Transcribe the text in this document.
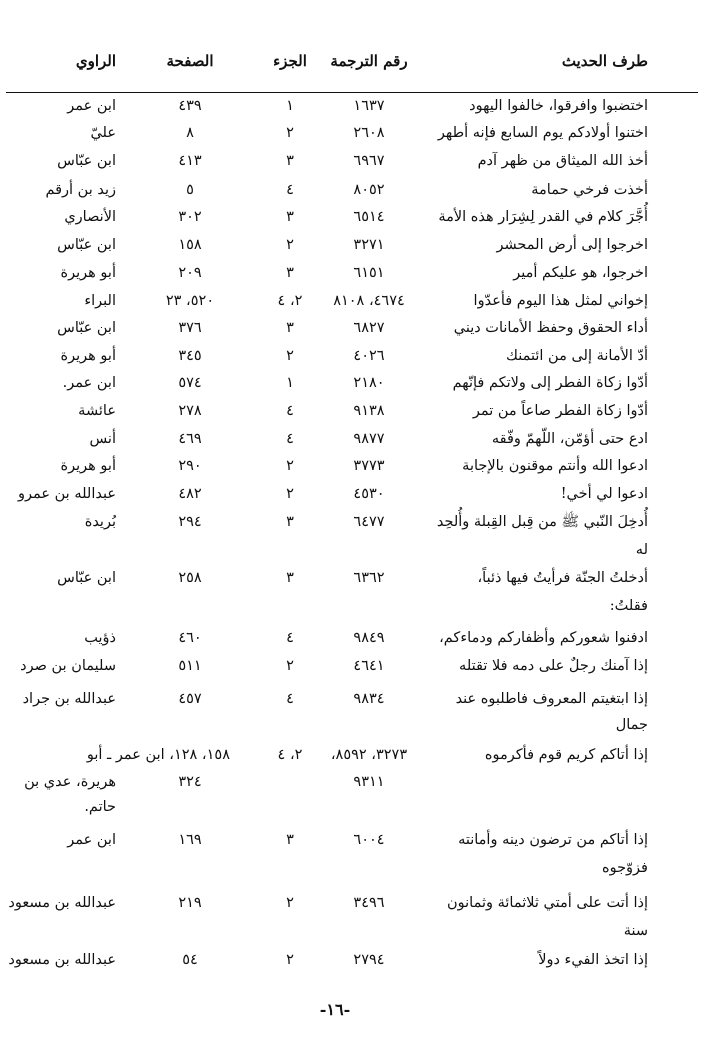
طرف الحديث
رقم الترجمة
الجزء
الصفحة
الراوي
اختضبوا وافرقوا، خالفوا اليهود
١٦٣٧
١
٤٣٩
ابن عمر
اختنوا أولادكم يوم السابع فإنه أطهر
٢٦٠٨
٢
٨
عليّ
أخذ الله الميثاق من ظهر آدم
٦٩٦٧
٣
٤١٣
ابن عبّاس
أخذت فرخي حمامة
٨٠٥٢
٤
٥
زيد بن أرقم
أُجَّرَ كلام في القدر لِشِرَار هذه الأمة
٦٥١٤
٣
٣٠٢
الأنصاري
اخرجوا إلى أرض المحشر
٣٢٧١
٢
١٥٨
ابن عبّاس
اخرجوا، هو عليكم أمير
٦١٥١
٣
٢٠٩
أبو هريرة
إخواني لمثل هذا اليوم فأعدّوا
٤٦٧٤، ٨١٠٨
٢، ٤
٥٢٠، ٢٣
البراء
أداء الحقوق وحفظ الأمانات ديني
٦٨٢٧
٣
٣٧٦
ابن عبّاس
أدّ الأمانة إلى من ائتمنك
٤٠٢٦
٢
٣٤٥
أبو هريرة
أدّوا زكاة الفطر إلى ولاتكم فإنّهم
٢١٨٠
١
٥٧٤
ابن عمر.
أدّوا زكاة الفطر صاعاً من تمر
٩١٣٨
٤
٢٧٨
عائشة
ادع حتى أؤمّن، اللّهمّ وفّقه
٩٨٧٧
٤
٤٦٩
أنس
ادعوا الله وأنتم موقنون بالإجابة
٣٧٧٣
٢
٢٩٠
أبو هريرة
ادعوا لي أخي!
٤٥٣٠
٢
٤٨٢
عبدالله بن عمرو
أُدخِلَ النّبي ﷺ من قِبل القِبلة وأُلحِد
٦٤٧٧
٣
٢٩٤
بُريدة
له
أدخلتُ الجنّة فرأيتُ فيها ذئباً،
٦٣٦٢
٣
٢٥٨
ابن عبّاس
فقلتُ:
ادفنوا شعوركم وأظفاركم ودماءكم،
٩٨٤٩
٤
٤٦٠
ذؤيب
إذا آمنك رجلٌ على دمه فلا تقتله
٤٦٤١
٢
٥١١
سليمان بن صرد
إذا ابتغيتم المعروف فاطلبوه عند
٩٨٣٤
٤
٤٥٧
عبدالله بن جراد
جمال
إذا أتاكم كريم قوم فأكرموه
٣٢٧٣، ٨٥٩٢،
٢، ٤
١٥٨، ١٢٨، ابن عمر ـ أبو
٩٣١١
٣٢٤
هريرة، عدي بن
حاتم.
إذا أتاكم من ترضون دينه وأمانته
٦٠٠٤
٣
١٦٩
ابن عمر
فزوّجوه
إذا أتت على أمتي ثلاثمائة وثمانون
٣٤٩٦
٢
٢١٩
عبدالله بن مسعود
سنة
إذا اتخذ الفيء دولاً
٢٧٩٤
٢
٥٤
عبدالله بن مسعود
-١٦-
